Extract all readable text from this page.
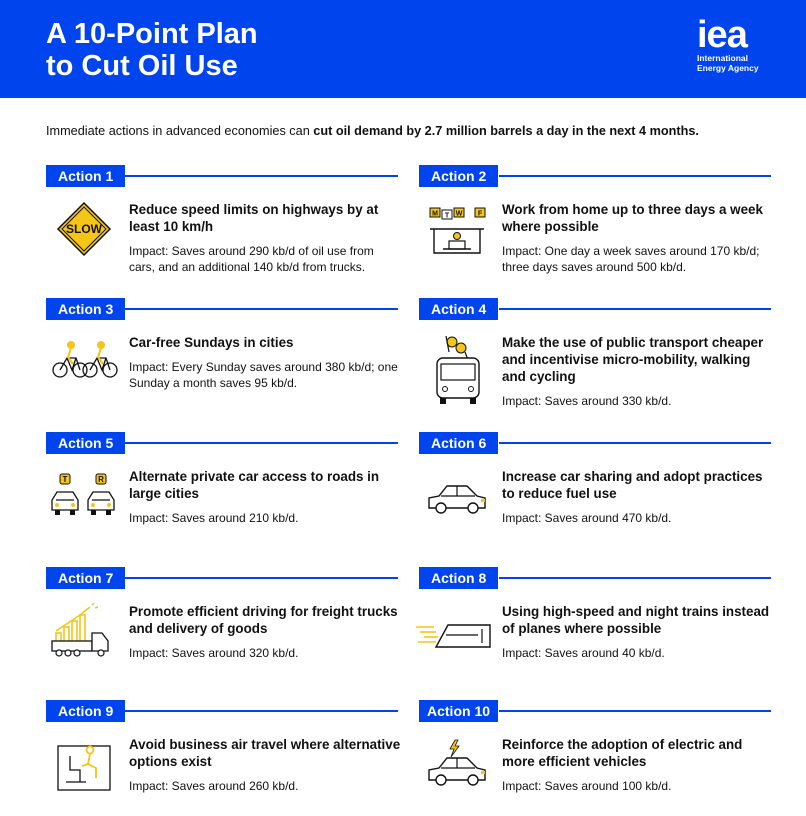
A 10-Point Plan
to Cut Oil Use
iea
International
Energy Agency
Immediate actions in advanced economies can cut oil demand by 2.7 million barrels a day in the next 4 months.
Action 1
SLOW
Reduce speed limits on highways by at least 10 km/h
Impact: Saves around 290 kb/d of oil use from cars, and an additional 140 kb/d from trucks.
Action 2
M T W F Work from home up to three days a week where possible
Impact: One day a week saves around 170 kb/d; three days saves around 500 kb/d.
Action 3
Car-free Sundays in cities
Impact: Every Sunday saves around 380 kb/d; one Sunday a month saves 95 kb/d.
Action 4
Make the use of public transport cheaper and incentivise micro-mobility, walking and cycling
Impact: Saves around 330 kb/d.
Action 5
T	R Alternate private car access to roads in large cities
Impact: Saves around 210 kb/d.
Action 6
Increase car sharing and adopt practices to reduce fuel use
Impact: Saves around 470 kb/d.
Action 7
Promote efficient driving for freight trucks and delivery of goods
Impact: Saves around 320 kb/d.
Action 8
Using high-speed and night trains instead of planes where possible
Impact: Saves around 40 kb/d.
Action 9
Avoid business air travel where alternative options exist
Impact: Saves around 260 kb/d.
Action 10
Reinforce the adoption of electric and more efficient vehicles
Impact: Saves around 100 kb/d.
